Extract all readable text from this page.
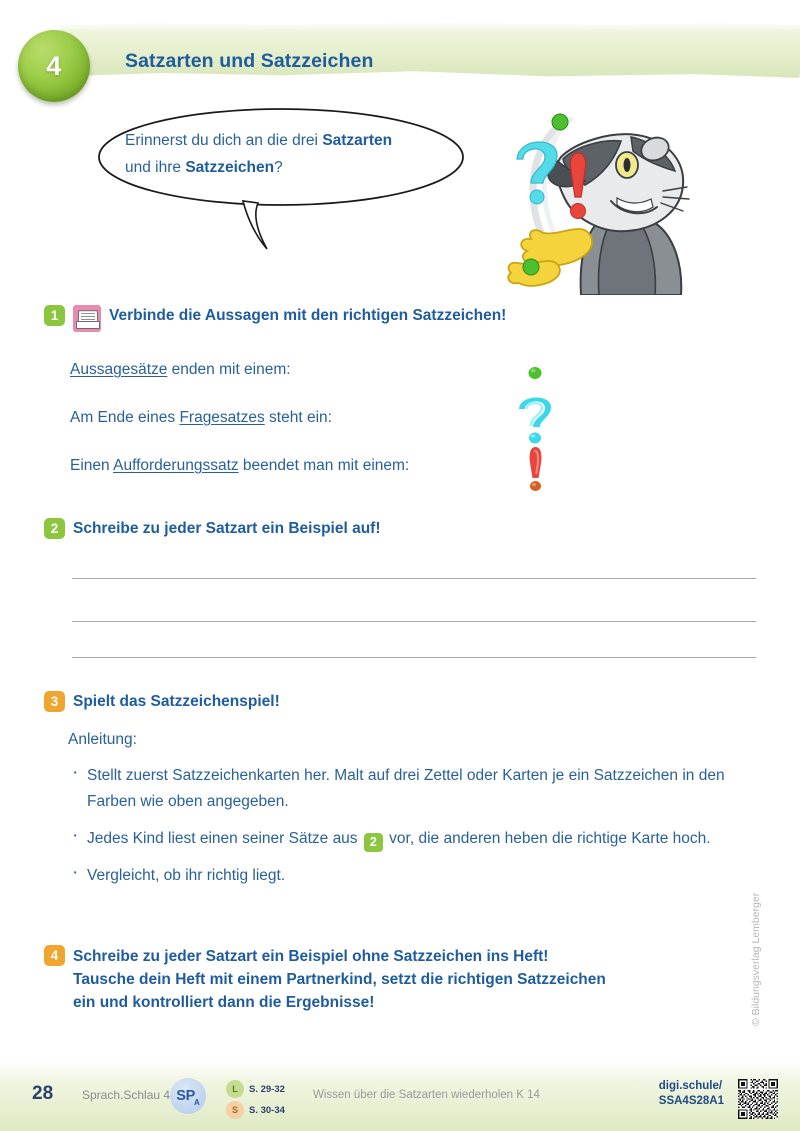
4	Satzarten und Satzzeichen
Erinnerst du dich an die drei Satzarten
und ihre Satzzeichen?
1	Verbinde die Aussagen mit den richtigen Satzzeichen!
Aussagesätze enden mit einem:
Am Ende eines Fragesatzes steht ein:
Einen Aufforderungssatz beendet man mit einem:
2 Schreibe zu jeder Satzart ein Beispiel auf!
3 Spielt das Satzzeichenspiel!
Anleitung:
· Stellt zuerst Satzzeichenkarten her. Malt auf drei Zettel oder Karten je ein Satzzeichen in den Farben wie oben angegeben.
· Jedes Kind liest einen seiner Sätze aus 2 vor, die anderen heben die richtige Karte hoch.
· Vergleicht, ob ihr richtig liegt.
4 Schreibe zu jeder Satzart ein Beispiel ohne Satzzeichen ins Heft!
Tausche dein Heft mit einem Partnerkind, setzt die richtigen Satzzeichen
ein und kontrolliert dann die Ergebnisse!	© Bildungsverlag Lemberger
28 Sprach.Schlau 4 SP A
L	S. 29-32
S	S. 30-34
Wissen über die Satzarten wiederholen K 14
digi.schule/
SSA4S28A1
